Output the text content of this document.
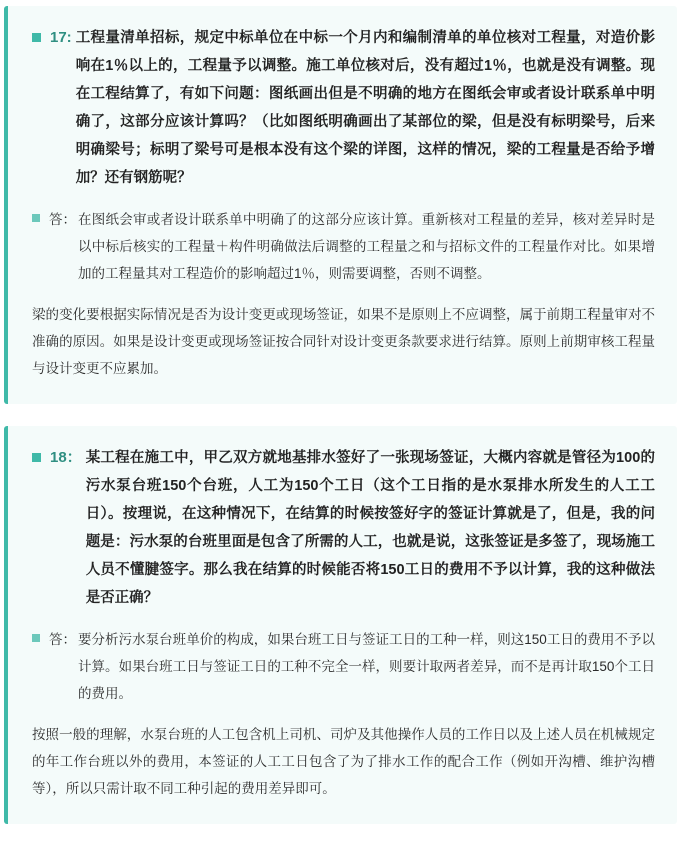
17: 工程量清单招标，规定中标单位在中标一个月内和编制清单的单位核对工程量，对造价影响在1％以上的，工程量予以调整。施工单位核对后，没有超过1％，也就是没有调整。现在工程结算了，有如下问题：图纸画出但是不明确的地方在图纸会审或者设计联系单中明确了，这部分应该计算吗？（比如图纸明确画出了某部位的梁，但是没有标明梁号，后来明确梁号；标明了梁号可是根本没有这个梁的详图，这样的情况，梁的工程量是否给予增加？还有钢筋呢？
答： 在图纸会审或者设计联系单中明确了的这部分应该计算。重新核对工程量的差异，核对差异时是以中标后核实的工程量＋构件明确做法后调整的工程量之和与招标文件的工程量作对比。如果增加的工程量其对工程造价的影响超过1％，则需要调整，否则不调整。
梁的变化要根据实际情况是否为设计变更或现场签证，如果不是原则上不应调整，属于前期工程量审对不准确的原因。如果是设计变更或现场签证按合同针对设计变更条款要求进行结算。原则上前期审核工程量与设计变更不应累加。
18： 某工程在施工中，甲乙双方就地基排水签好了一张现场签证，大概内容就是管径为100的污水泵台班150个台班，人工为150个工日（这个工日指的是水泵排水所发生的人工工日）。按理说，在这种情况下，在结算的时候按签好字的签证计算就是了，但是，我的问题是：污水泵的台班里面是包含了所需的人工，也就是说，这张签证是多签了，现场施工人员不懂腱签字。那么我在结算的时候能否将150工日的费用不予以计算，我的这种做法是否正确？
答： 要分析污水泵台班单价的构成，如果台班工日与签证工日的工种一样，则这150工日的费用不予以计算。如果台班工日与签证工日的工种不完全一样，则要计取两者差异，而不是再计取150个工日的费用。
按照一般的理解，水泵台班的人工包含机上司机、司炉及其他操作人员的工作日以及上述人员在机械规定的年工作台班以外的费用，本签证的人工工日包含了为了排水工作的配合工作（例如开沟槽、维护沟槽等），所以只需计取不同工种引起的费用差异即可。
